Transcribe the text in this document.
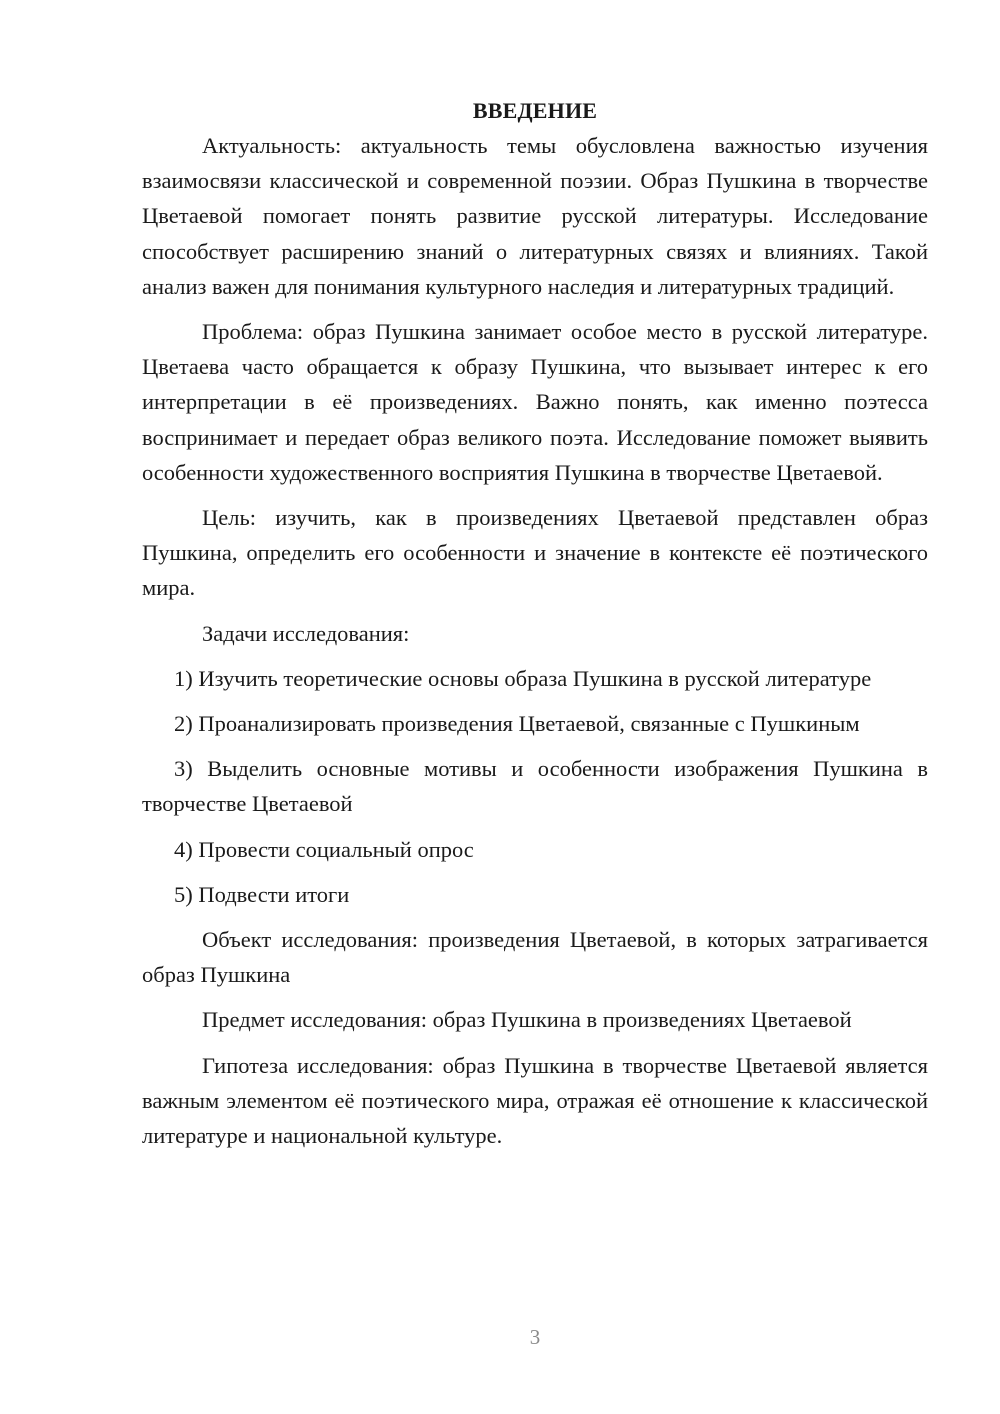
ВВЕДЕНИЕ

Актуальность: актуальность темы обусловлена важностью изучения взаимосвязи классической и современной поэзии. Образ Пушкина в творчестве Цветаевой помогает понять развитие русской литературы. Исследование способствует расширению знаний о литературных связях и влияниях. Такой анализ важен для понимания культурного наследия и литературных традиций.

Проблема: образ Пушкина занимает особое место в русской литературе. Цветаева часто обращается к образу Пушкина, что вызывает интерес к его интерпретации в её произведениях. Важно понять, как именно поэтесса воспринимает и передает образ великого поэта. Исследование поможет выявить особенности художественного восприятия Пушкина в творчестве Цветаевой.

Цель: изучить, как в произведениях Цветаевой представлен образ Пушкина, определить его особенности и значение в контексте её поэтического мира.

Задачи исследования:

1) Изучить теоретические основы образа Пушкина в русской литературе

2) Проанализировать произведения Цветаевой, связанные с Пушкиным

3) Выделить основные мотивы и особенности изображения Пушкина в творчестве Цветаевой

4) Провести социальный опрос

5) Подвести итоги

Объект исследования: произведения Цветаевой, в которых затрагивается образ Пушкина

Предмет исследования: образ Пушкина в произведениях Цветаевой

Гипотеза исследования: образ Пушкина в творчестве Цветаевой является важным элементом её поэтического мира, отражая её отношение к классической литературе и национальной культуре.

3
